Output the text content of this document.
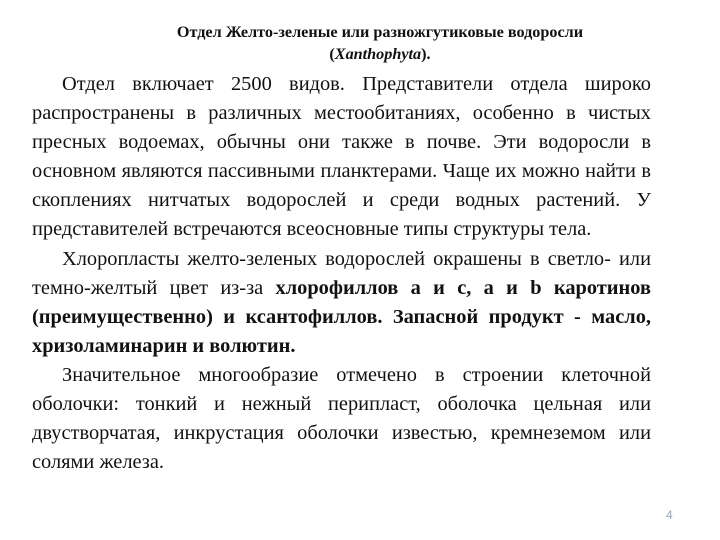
Отдел Желто-зеленые или разножгутиковые водоросли
(Xanthophyta).

Отдел включает 2500 видов. Представители отдела широко распространены в различных местообитаниях, особенно в чистых пресных водоемах, обычны они также в почве. Эти водоросли в основном являются пассивными планктерами. Чаще их можно найти в скоплениях нитчатых водорослей и среди водных растений. У представителей встречаются всеосновные типы структуры тела.

Хлоропласты желто-зеленых водорослей окрашены в светло- или темно-желтый цвет из-за хлорофиллов а и с, а и b каротинов (преимущественно) и ксантофиллов. Запасной продукт - масло, хризоламинарин и волютин.

Значительное многообразие отмечено в строении клеточной оболочки: тонкий и нежный перипласт, оболочка цельная или двустворчатая, инкрустация оболочки известью, кремнеземом или солями железа.

4
